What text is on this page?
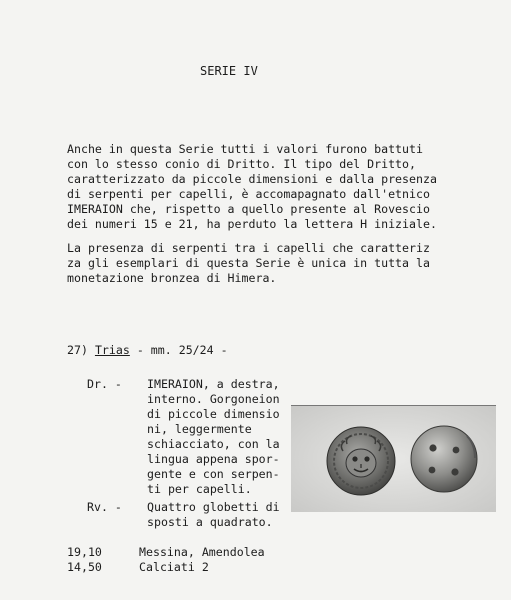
SERIE IV
Anche in questa Serie tutti i valori furono battuti
con lo stesso conio di Dritto. Il tipo del Dritto,
caratterizzato da piccole dimensioni e dalla presenza
di serpenti per capelli, è accomapagnato dall'etnico
IMERAION che, rispetto a quello presente al Rovescio
dei numeri 15 e 21, ha perduto la lettera H iniziale.
La presenza di serpenti tra i capelli che caratteriz
za gli esemplari di questa Serie è unica in tutta la
monetazione bronzea di Himera.
27) Trias - mm. 25/24 -
Dr. - IMERAION, a destra,
interno. Gorgoneion
di piccole dimensio
ni, leggermente
schiacciato, con la
lingua appena spor-
gente e con serpen-
ti per capelli.
Rv. - Quattro globetti di
sposti a quadrato.
19,10	Messina, Amendolea
14,50	Calciati 2
